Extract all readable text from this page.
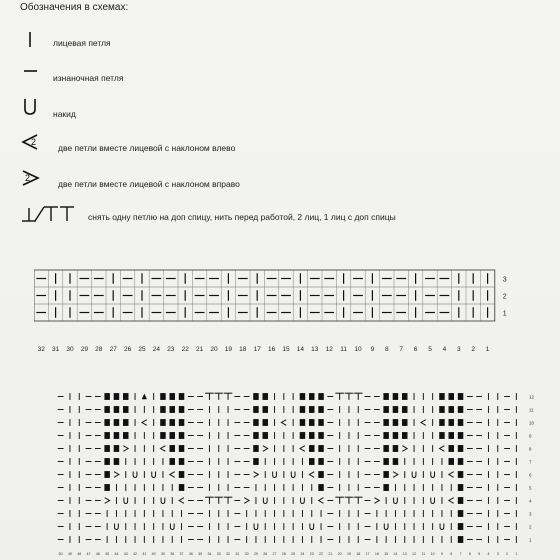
Обозначения в схемах:
лицевая петля
изнаночная петля
накид
2
две петли вместе лицевой с наклоном влево
2
две петли вместе лицевой с наклоном вправо
снять одну петлю на доп спицу, нить перед работой, 2 лиц, 1 лиц с доп спицы
3
2
1
32 31 30 29 28 27 26 25 24 23 22 21 20 19 18 17 16 15 14 13 12 11 10 9 8 7 6 5 4 3 2 1
12
11
10
9
8
7
6
5
4
3
2
1
50 49 48 47 46 45 44 43 42 41 40 39 38 37 36 35 34 33 32 31 30 29 28 27 26 25 24 23 22 21 20 19 18 17 16 15 14 13 12 11 10 9 8 7 6 5 4 3 2 1
